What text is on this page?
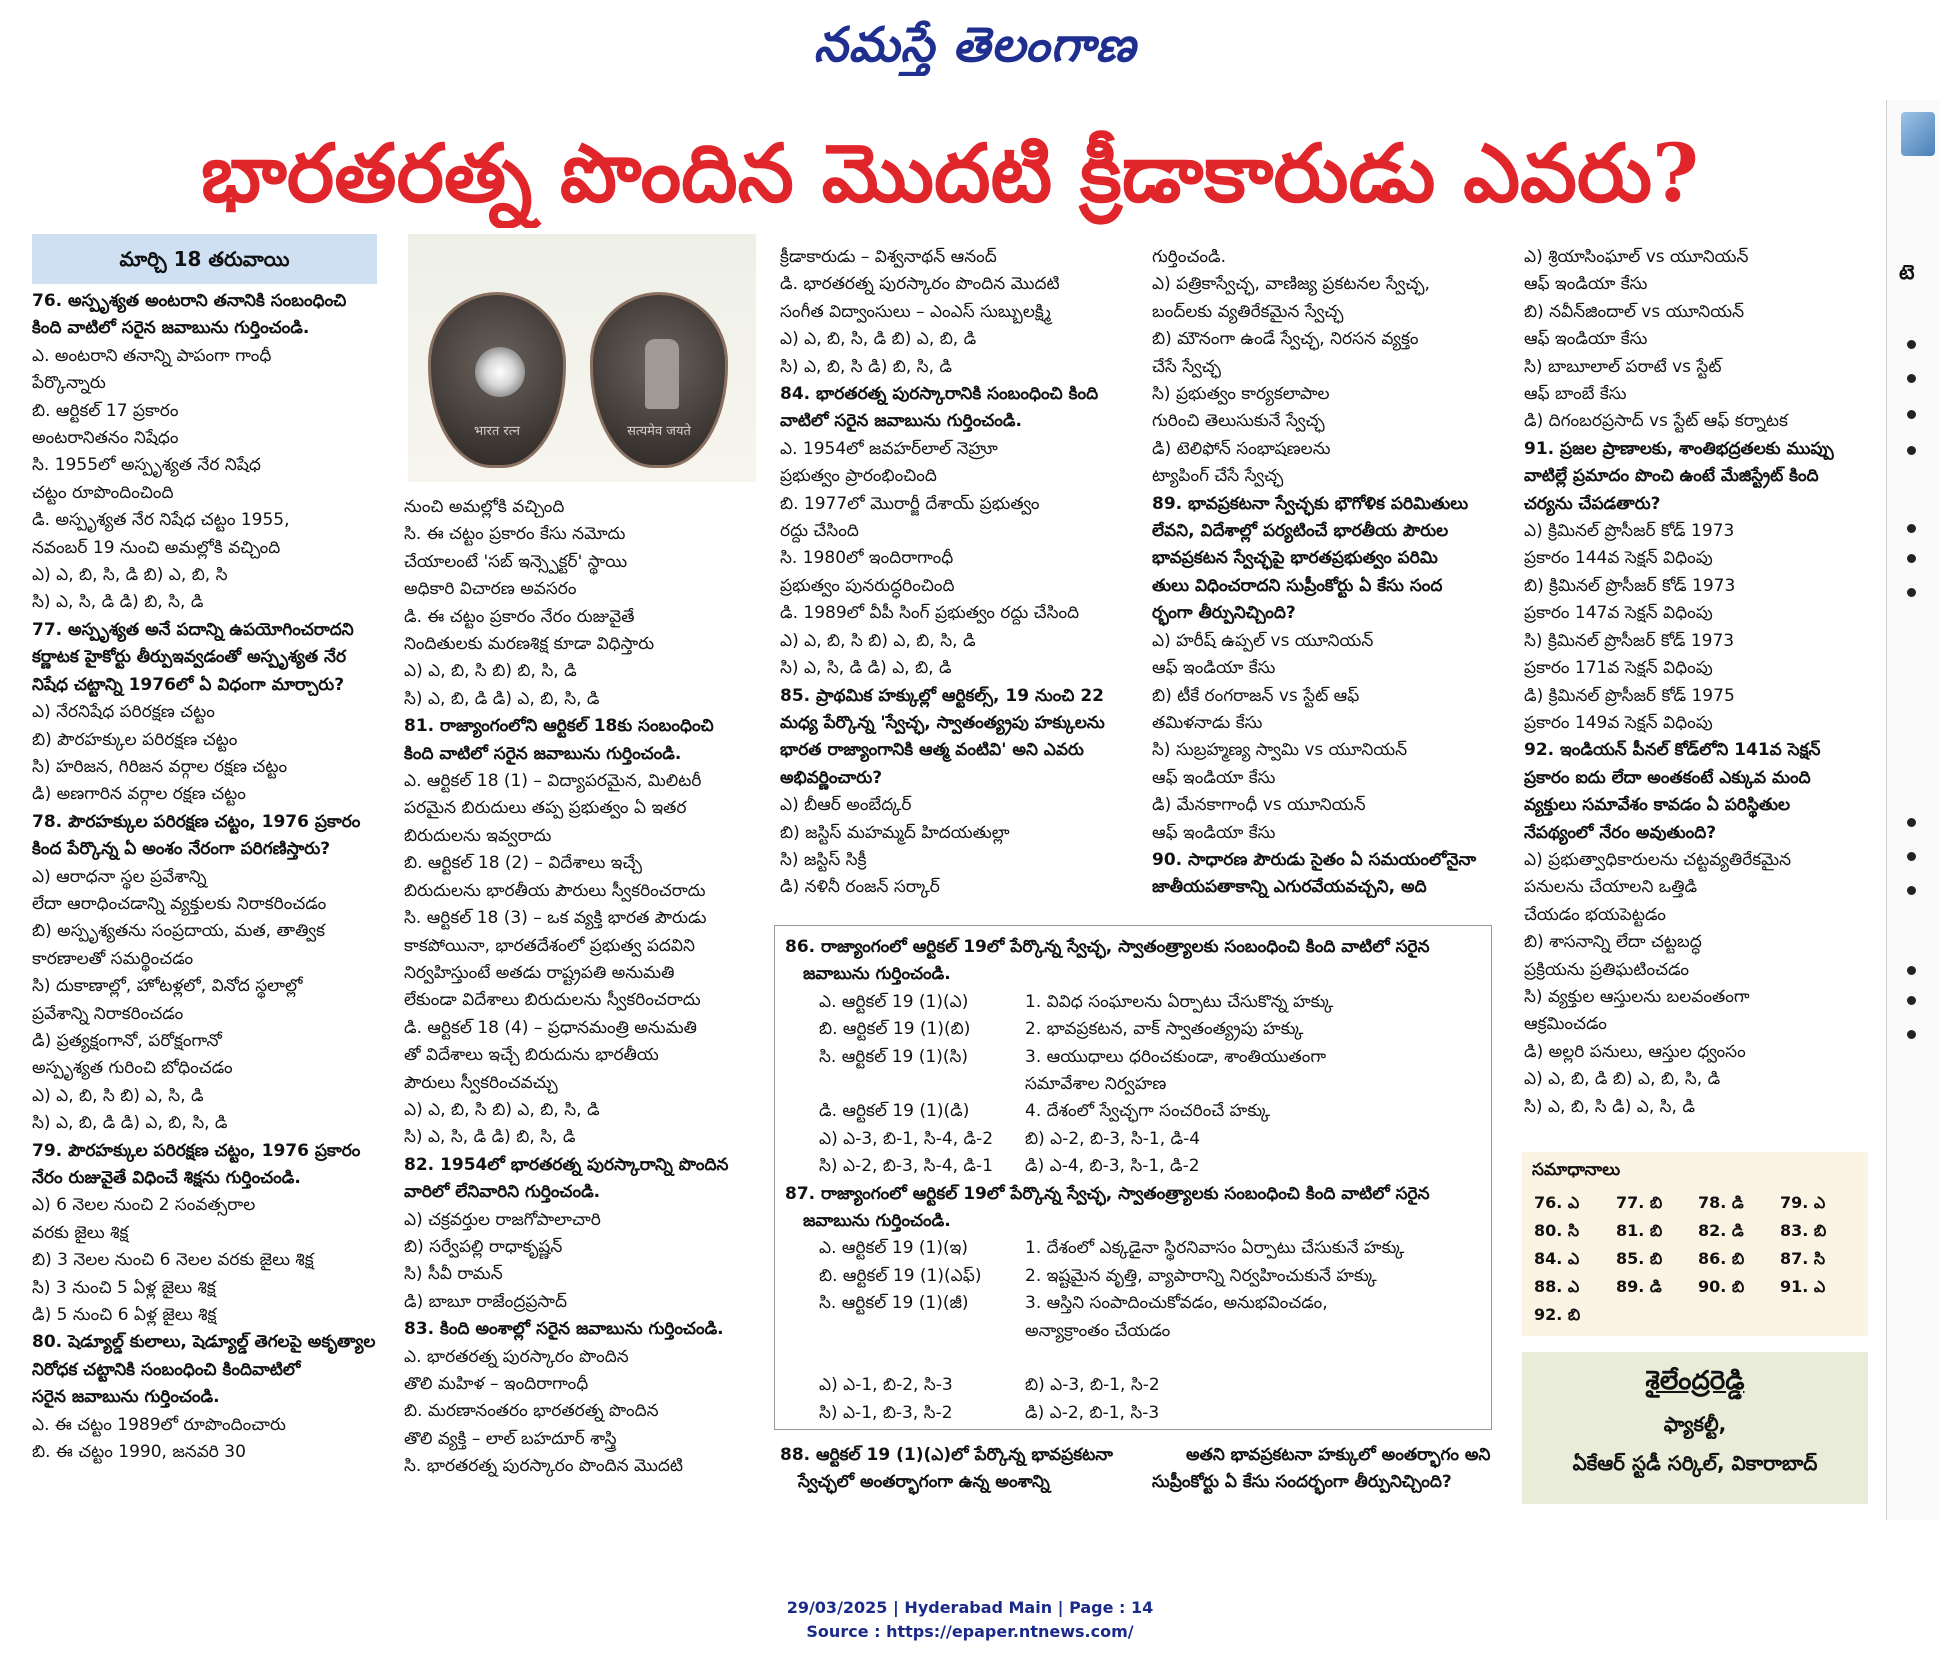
నమస్తే తెలంగాణ
భారతరత్న పొందిన మొదటి క్రీడాకారుడు ఎవరు?
మార్చి 18 తరువాయి

76. అస్పృశ్యత అంటరాని తనానికి సంబంధించి

కింది వాటిలో సరైన జవాబును గుర్తించండి.

ఎ. అంటరాని తనాన్ని పాపంగా గాంధీ

పేర్కొన్నారు

బి. ఆర్టికల్ 17 ప్రకారం

అంటరానితనం నిషేధం

సి. 1955లో అస్పృశ్యత నేర నిషేధ

చట్టం రూపొందించింది

డి. అస్పృశ్యత నేర నిషేధ చట్టం 1955,

నవంబర్ 19 నుంచి అమల్లోకి వచ్చింది

ఎ) ఎ, బి, సి, డి బి) ఎ, బి, సి

సి) ఎ, సి, డి డి) బి, సి, డి

77. అస్పృశ్యత అనే పదాన్ని ఉపయోగించరాదని

కర్ణాటక హైకోర్టు తీర్పుఇవ్వడంతో అస్పృశ్యత నేర

నిషేధ చట్టాన్ని 1976లో ఏ విధంగా మార్చారు?

ఎ) నేరనిషేధ పరిరక్షణ చట్టం

బి) పౌరహక్కుల పరిరక్షణ చట్టం

సి) హరిజన, గిరిజన వర్గాల రక్షణ చట్టం

డి) అణగారిన వర్గాల రక్షణ చట్టం

78. పౌరహక్కుల పరిరక్షణ చట్టం, 1976 ప్రకారం

కింద పేర్కొన్న ఏ అంశం నేరంగా పరిగణిస్తారు?

ఎ) ఆరాధనా స్థల ప్రవేశాన్ని

లేదా ఆరాధించడాన్ని వ్యక్తులకు నిరాకరించడం

బి) అస్పృశ్యతను సంప్రదాయ, మత, తాత్విక

కారణాలతో సమర్థించడం

సి) దుకాణాల్లో, హోటళ్లలో, వినోద స్థలాల్లో

ప్రవేశాన్ని నిరాకరించడం

డి) ప్రత్యక్షంగానో, పరోక్షంగానో

అస్పృశ్యత గురించి బోధించడం

ఎ) ఎ, బి, సి బి) ఎ, సి, డి

సి) ఎ, బి, డి డి) ఎ, బి, సి, డి

79. పౌరహక్కుల పరిరక్షణ చట్టం, 1976 ప్రకారం

నేరం రుజువైతే విధించే శిక్షను గుర్తించండి.

ఎ) 6 నెలల నుంచి 2 సంవత్సరాల

వరకు జైలు శిక్ష

బి) 3 నెలల నుంచి 6 నెలల వరకు జైలు శిక్ష

సి) 3 నుంచి 5 ఏళ్ల జైలు శిక్ష

డి) 5 నుంచి 6 ఏళ్ల జైలు శిక్ష

80. షెడ్యూల్డ్ కులాలు, షెడ్యూల్డ్ తెగలపై అకృత్యాల

నిరోధక చట్టానికి సంబంధించి కిందివాటిలో

సరైన జవాబును గుర్తించండి.

ఎ. ఈ చట్టం 1989లో రూపొందించారు

బి. ఈ చట్టం 1990, జనవరి 30

भारत रत्न	सत्यमेव जयते

నుంచి అమల్లోకి వచ్చింది

సి. ఈ చట్టం ప్రకారం కేసు నమోదు

చేయాలంటే 'సబ్ ఇన్స్పెక్టర్' స్థాయి

అధికారి విచారణ అవసరం

డి. ఈ చట్టం ప్రకారం నేరం రుజువైతే

నిందితులకు మరణశిక్ష కూడా విధిస్తారు

ఎ) ఎ, బి, సి బి) బి, సి, డి

సి) ఎ, బి, డి డి) ఎ, బి, సి, డి

81. రాజ్యాంగంలోని ఆర్టికల్ 18కు సంబంధించి

కింది వాటిలో సరైన జవాబును గుర్తించండి.

ఎ. ఆర్టికల్ 18 (1) – విద్యాపరమైన, మిలిటరీ

పరమైన బిరుదులు తప్ప ప్రభుత్వం ఏ ఇతర

బిరుదులను ఇవ్వరాదు

బి. ఆర్టికల్ 18 (2) – విదేశాలు ఇచ్చే

బిరుదులను భారతీయ పౌరులు స్వీకరించరాదు

సి. ఆర్టికల్ 18 (3) – ఒక వ్యక్తి భారత పౌరుడు

కాకపోయినా, భారతదేశంలో ప్రభుత్వ పదవిని

నిర్వహిస్తుంటే అతడు రాష్ట్రపతి అనుమతి

లేకుండా విదేశాలు బిరుదులను స్వీకరించరాదు

డి. ఆర్టికల్ 18 (4) – ప్రధానమంత్రి అనుమతి

తో విదేశాలు ఇచ్చే బిరుదును భారతీయ

పౌరులు స్వీకరించవచ్చు

ఎ) ఎ, బి, సి బి) ఎ, బి, సి, డి

సి) ఎ, సి, డి డి) బి, సి, డి

82. 1954లో భారతరత్న పురస్కారాన్ని పొందిన

వారిలో లేనివారిని గుర్తించండి.

ఎ) చక్రవర్తుల రాజగోపాలాచారి

బి) సర్వేపల్లి రాధాకృష్ణన్

సి) సీవీ రామన్

డి) బాబూ రాజేంద్రప్రసాద్

83. కింది అంశాల్లో సరైన జవాబును గుర్తించండి.

ఎ. భారతరత్న పురస్కారం పొందిన

తొలి మహిళ – ఇందిరాగాంధీ

బి. మరణానంతరం భారతరత్న పొందిన

తొలి వ్యక్తి – లాల్ బహదూర్ శాస్త్రి

సి. భారతరత్న పురస్కారం పొందిన మొదటి

క్రీడాకారుడు – విశ్వనాథన్ ఆనంద్

డి. భారతరత్న పురస్కారం పొందిన మొదటి

సంగీత విద్వాంసులు – ఎంఎస్ సుబ్బులక్ష్మి

ఎ) ఎ, బి, సి, డి బి) ఎ, బి, డి

సి) ఎ, బి, సి డి) బి, సి, డి

84. భారతరత్న పురస్కారానికి సంబంధించి కింది

వాటిలో సరైన జవాబును గుర్తించండి.

ఎ. 1954లో జవహర్‌లాల్ నెహ్రూ

ప్రభుత్వం ప్రారంభించింది

బి. 1977లో మొరార్జీ దేశాయ్ ప్రభుత్వం

రద్దు చేసింది

సి. 1980లో ఇందిరాగాంధీ

ప్రభుత్వం పునరుద్ధరించింది

డి. 1989లో వీపీ సింగ్ ప్రభుత్వం రద్దు చేసింది

ఎ) ఎ, బి, సి బి) ఎ, బి, సి, డి

సి) ఎ, సి, డి డి) ఎ, బి, డి

85. ప్రాథమిక హక్కుల్లో ఆర్టికల్స్, 19 నుంచి 22

మధ్య పేర్కొన్న 'స్వేచ్ఛ, స్వాతంత్య్రపు హక్కులను

భారత రాజ్యాంగానికి ఆత్మ వంటివి' అని ఎవరు

అభివర్ణించారు?

ఎ) బీఆర్ అంబేద్కర్

బి) జస్టిస్ మహమ్మద్ హిదయతుల్లా

సి) జస్టిస్ సిక్రీ

డి) నళినీ రంజన్ సర్కార్

గుర్తించండి.

ఎ) పత్రికాస్వేచ్ఛ, వాణిజ్య ప్రకటనల స్వేచ్ఛ,

బంద్‌లకు వ్యతిరేకమైన స్వేచ్ఛ

బి) మౌనంగా ఉండే స్వేచ్ఛ, నిరసన వ్యక్తం

చేసే స్వేచ్ఛ

సి) ప్రభుత్వం కార్యకలాపాల

గురించి తెలుసుకునే స్వేచ్ఛ

డి) టెలిఫోన్ సంభాషణలను

ట్యాపింగ్ చేసే స్వేచ్ఛ

89. భావప్రకటనా స్వేచ్ఛకు భౌగోళిక పరిమితులు

లేవని, విదేశాల్లో పర్యటించే భారతీయ పౌరుల

భావప్రకటన స్వేచ్ఛపై భారతప్రభుత్వం పరిమి

తులు విధించరాదని సుప్రీంకోర్టు ఏ కేసు సంద

ర్భంగా తీర్పునిచ్చింది?

ఎ) హరీష్ ఉప్పల్ vs యూనియన్

ఆఫ్ ఇండియా కేసు

బి) టీకే రంగరాజన్ vs స్టేట్ ఆఫ్

తమిళనాడు కేసు

సి) సుబ్రహ్మణ్య స్వామి vs యూనియన్

ఆఫ్ ఇండియా కేసు

డి) మేనకాగాంధీ vs యూనియన్

ఆఫ్ ఇండియా కేసు

90. సాధారణ పౌరుడు సైతం ఏ సమయంలోనైనా

జాతీయపతాకాన్ని ఎగురవేయవచ్చని, అది

ఎ) శ్రియాసింఘాల్ vs యూనియన్

ఆఫ్ ఇండియా కేసు

బి) నవీన్‌జిందాల్ vs యూనియన్

ఆఫ్ ఇండియా కేసు

సి) బాబూలాల్ పరాటే vs స్టేట్

ఆఫ్ బాంబే కేసు

డి) దిగంబరప్రసాద్ vs స్టేట్ ఆఫ్ కర్నాటక

91. ప్రజల ప్రాణాలకు, శాంతిభద్రతలకు ముప్పు

వాటిల్లే ప్రమాదం పొంచి ఉంటే మేజిస్ట్రేట్ కింది

చర్యను చేపడతారు?

ఎ) క్రిమినల్ ప్రొసీజర్ కోడ్ 1973

ప్రకారం 144వ సెక్షన్ విధింపు

బి) క్రిమినల్ ప్రొసీజర్ కోడ్ 1973

ప్రకారం 147వ సెక్షన్ విధింపు

సి) క్రిమినల్ ప్రొసీజర్ కోడ్ 1973

ప్రకారం 171వ సెక్షన్ విధింపు

డి) క్రిమినల్ ప్రొసీజర్ కోడ్ 1975

ప్రకారం 149వ సెక్షన్ విధింపు

92. ఇండియన్ పీనల్ కోడ్‌లోని 141వ సెక్షన్

ప్రకారం ఐదు లేదా అంతకంటే ఎక్కువ మంది

వ్యక్తులు సమావేశం కావడం ఏ పరిస్థితుల

నేపథ్యంలో నేరం అవుతుంది?

ఎ) ప్రభుత్వాధికారులను చట్టవ్యతిరేకమైన

పనులను చేయాలని ఒత్తిడి

చేయడం భయపెట్టడం

బి) శాసనాన్ని లేదా చట్టబద్ధ

ప్రక్రియను ప్రతిఘటించడం

సి) వ్యక్తుల ఆస్తులను బలవంతంగా

ఆక్రమించడం

డి) అల్లరి పనులు, ఆస్తుల ధ్వంసం

ఎ) ఎ, బి, డి బి) ఎ, బి, సి, డి

సి) ఎ, బి, సి డి) ఎ, సి, డి

86. రాజ్యాంగంలో ఆర్టికల్ 19లో పేర్కొన్న స్వేచ్ఛ, స్వాతంత్ర్యాలకు సంబంధించి కింది వాటిలో సరైన

జవాబును గుర్తించండి.

ఎ. ఆర్టికల్ 19 (1)(ఎ)	1. వివిధ సంఘాలను ఏర్పాటు చేసుకొన్న హక్కు
బి. ఆర్టికల్ 19 (1)(బి)	2. భావప్రకటన, వాక్ స్వాతంత్య్రపు హక్కు
సి. ఆర్టికల్ 19 (1)(సి)	3. ఆయుధాలు ధరించకుండా, శాంతియుతంగా
సమావేశాల నిర్వహణ
డి. ఆర్టికల్ 19 (1)(డి)	4. దేశంలో స్వేచ్ఛగా సంచరించే హక్కు
ఎ) ఎ-3, బి-1, సి-4, డి-2 బి) ఎ-2, బి-3, సి-1, డి-4
సి) ఎ-2, బి-3, సి-4, డి-1 డి) ఎ-4, బి-3, సి-1, డి-2

87. రాజ్యాంగంలో ఆర్టికల్ 19లో పేర్కొన్న స్వేచ్ఛ, స్వాతంత్ర్యాలకు సంబంధించి కింది వాటిలో సరైన

జవాబును గుర్తించండి.

ఎ. ఆర్టికల్ 19 (1)(ఇ)	1. దేశంలో ఎక్కడైనా స్థిరనివాసం ఏర్పాటు చేసుకునే హక్కు
బి. ఆర్టికల్ 19 (1)(ఎఫ్)	2. ఇష్టమైన వృత్తి, వ్యాపారాన్ని నిర్వహించుకునే హక్కు
సి. ఆర్టికల్ 19 (1)(జీ)	3. ఆస్తిని సంపాదించుకోవడం, అనుభవించడం,
అన్యాక్రాంతం చేయడం
ఎ) ఎ-1, బి-2, సి-3	బి) ఎ-3, బి-1, సి-2
సి) ఎ-1, బి-3, సి-2	డి) ఎ-2, బి-1, సి-3

88. ఆర్టికల్ 19 (1)(ఎ)లో పేర్కొన్న భావప్రకటనా

స్వేచ్ఛలో అంతర్భాగంగా ఉన్న అంశాన్ని

అతని భావప్రకటనా హక్కులో అంతర్భాగం అని

సుప్రీంకోర్టు ఏ కేసు సందర్భంగా తీర్పునిచ్చింది?

సమాధానాలు
76. ఎ	77. బి	78. డి	79. ఎ
80. సి	81. బి	82. డి	83. బి
84. ఎ	85. బి	86. బి	87. సి
88. ఎ	89. డి	90. బి	91. ఎ
92. బి			
శైలేంద్రరెడ్డి
ఫ్యాకల్టీ,
ఏకేఆర్ స్టడీ సర్కిల్, వికారాబాద్
టె
29/03/2025 | Hyderabad Main | Page : 14
Source : https://epaper.ntnews.com/
